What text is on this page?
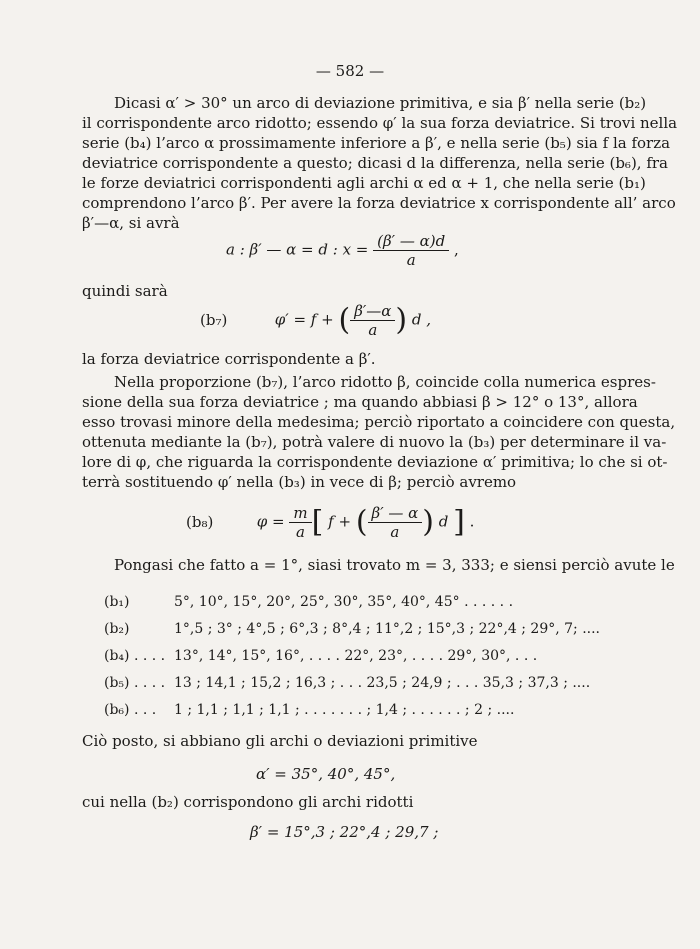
— 582 —
Dicasi α′ > 30° un arco di deviazione primitiva, e sia β′ nella serie (b₂)
il corrispondente arco ridotto; essendo φ′ la sua forza deviatrice. Si trovi nella
serie (b₄) l’arco α prossimamente inferiore a β′, e nella serie (b₅) sia f la forza
deviatrice corrispondente a questo; dicasi d la differenza, nella serie (b₆), fra
le forze deviatrici corrispondenti agli archi α ed α + 1, che nella serie (b₁)
comprendono l’arco β′. Per avere la forza deviatrice x corrispondente all’ arco
β′—α, si avrà
a : β′ — α = d : $x = \frac{(\beta' — \alpha)d}{a}$ ,
quindi sarà
(b₇)	φ′ = f + ( $\frac{\beta'—\alpha}{a}$ ) d ,
la forza deviatrice corrispondente a β′.
Nella proporzione (b₇), l’arco ridotto β, coincide colla numerica espres-
sione della sua forza deviatrice ; ma quando abbiasi β > 12° o 13°, allora
esso trovasi minore della medesima; perciò riportato a coincidere con questa,
ottenuta mediante la (b₇), potrà valere di nuovo la (b₃) per determinare il va-
lore di φ, che riguarda la corrispondente deviazione α′ primitiva; lo che si ot-
terrà sostituendo φ′ nella (b₃) in vece di β; perciò avremo
(b₈)	$\varphi = \frac{m}{a}$ [ f + ( $\frac{\beta' — \alpha}{a}$ ) d ] .
Pongasi che fatto a = 1°, siasi trovato m = 3, 333; e siensi perciò avute le
(b₁)	5°, 10°, 15°, 20°, 25°, 30°, 35°, 40°, 45° . . . . . .
(b₂)	1°,5 ; 3° ; 4°,5 ; 6°,3 ; 8°,4 ; 11°,2 ; 15°,3 ; 22°,4 ; 29°, 7; ....
(b₄) . . . . 13°, 14°, 15°, 16°, . . . . 22°, 23°, . . . . 29°, 30°, . . .
(b₅) . . . . 13 ; 14,1 ; 15,2 ; 16,3 ; . . . 23,5 ; 24,9 ; . . . 35,3 ; 37,3 ; ....
(b₆) . . . 1 ; 1,1 ; 1,1 ; 1,1 ; . . . . . . . ; 1,4 ; . . . . . . ; 2 ; ....
Ciò posto, si abbiano gli archi o deviazioni primitive
α′ = 35°, 40°, 45°,
cui nella (b₂) corrispondono gli archi ridotti
β′ = 15°,3 ; 22°,4 ; 29,7 ;
